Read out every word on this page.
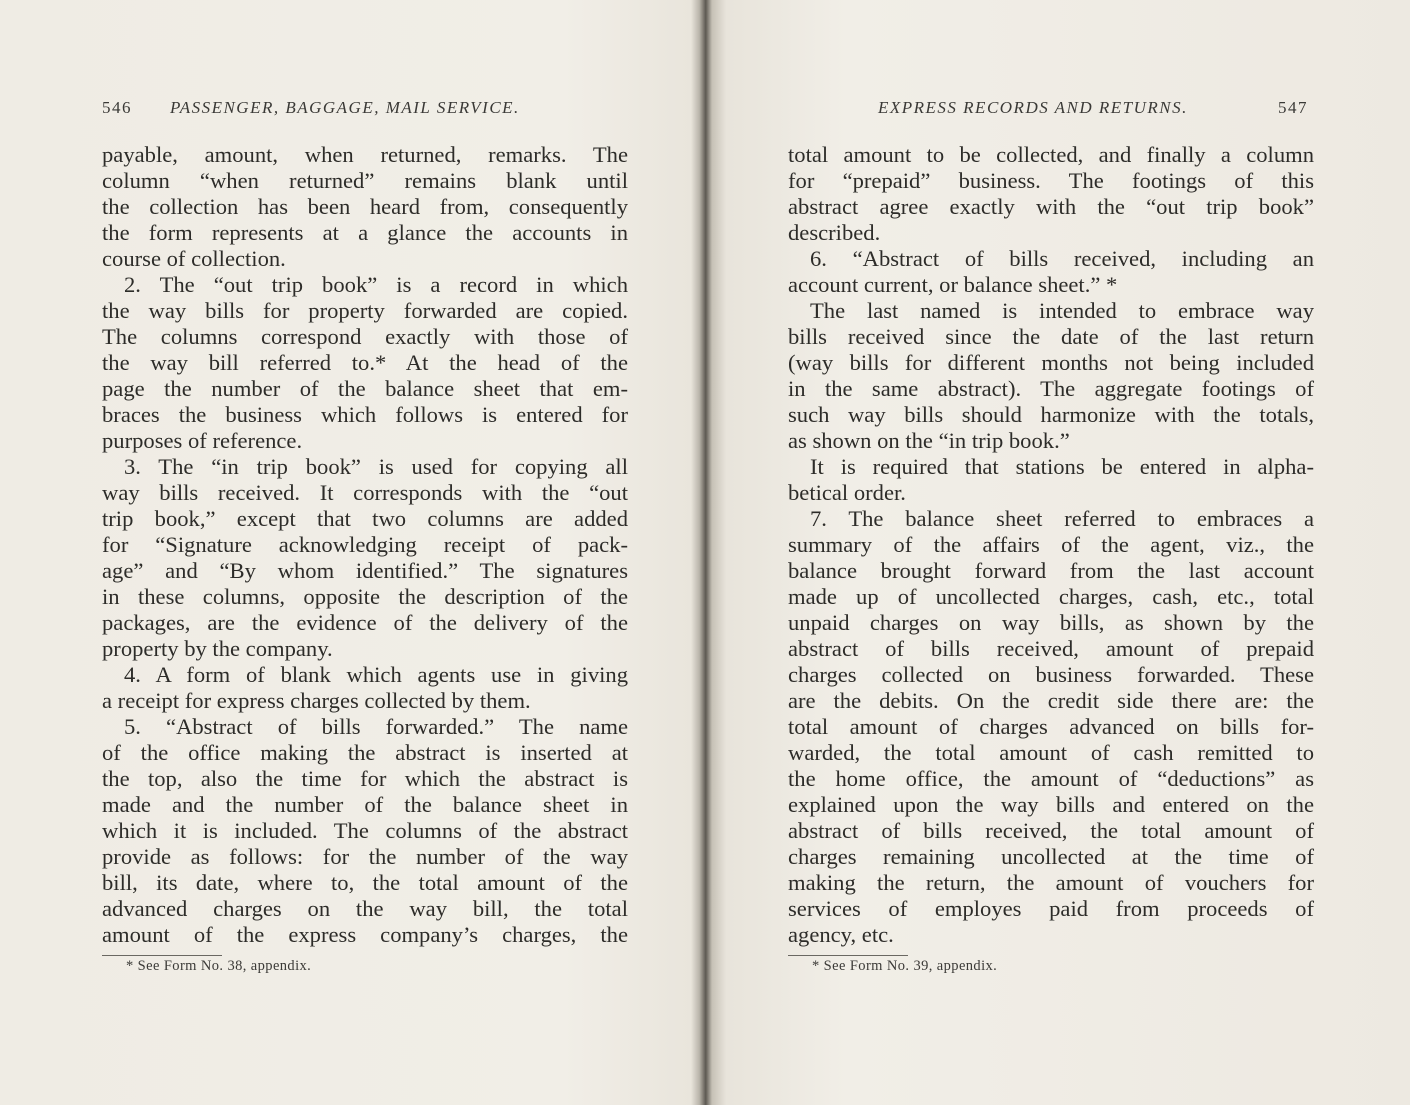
546 PASSENGER, BAGGAGE, MAIL SERVICE.
payable, amount, when returned, remarks. The
column “when returned” remains blank until
the collection has been heard from, consequently
the form represents at a glance the accounts in
course of collection.
2. The “out trip book” is a record in which
the way bills for property forwarded are copied.
The columns correspond exactly with those of
the way bill referred to.* At the head of the
page the number of the balance sheet that em-
braces the business which follows is entered for
purposes of reference.
3. The “in trip book” is used for copying all
way bills received. It corresponds with the “out
trip book,” except that two columns are added
for “Signature acknowledging receipt of pack-
age” and “By whom identified.” The signatures
in these columns, opposite the description of the
packages, are the evidence of the delivery of the
property by the company.
4. A form of blank which agents use in giving
a receipt for express charges collected by them.
5. “Abstract of bills forwarded.” The name
of the office making the abstract is inserted at
the top, also the time for which the abstract is
made and the number of the balance sheet in
which it is included. The columns of the abstract
provide as follows: for the number of the way
bill, its date, where to, the total amount of the
advanced charges on the way bill, the total
amount of the express company’s charges, the
* See Form No. 38, appendix.
EXPRESS RECORDS AND RETURNS.	547
total amount to be collected, and finally a column
for “prepaid” business. The footings of this
abstract agree exactly with the “out trip book”
described.
6. “Abstract of bills received, including an
account current, or balance sheet.” *
The last named is intended to embrace way
bills received since the date of the last return
(way bills for different months not being included
in the same abstract). The aggregate footings of
such way bills should harmonize with the totals,
as shown on the “in trip book.”
It is required that stations be entered in alpha-
betical order.
7. The balance sheet referred to embraces a
summary of the affairs of the agent, viz., the
balance brought forward from the last account
made up of uncollected charges, cash, etc., total
unpaid charges on way bills, as shown by the
abstract of bills received, amount of prepaid
charges collected on business forwarded. These
are the debits. On the credit side there are: the
total amount of charges advanced on bills for-
warded, the total amount of cash remitted to
the home office, the amount of “deductions” as
explained upon the way bills and entered on the
abstract of bills received, the total amount of
charges remaining uncollected at the time of
making the return, the amount of vouchers for
services of employes paid from proceeds of
agency, etc.
* See Form No. 39, appendix.
